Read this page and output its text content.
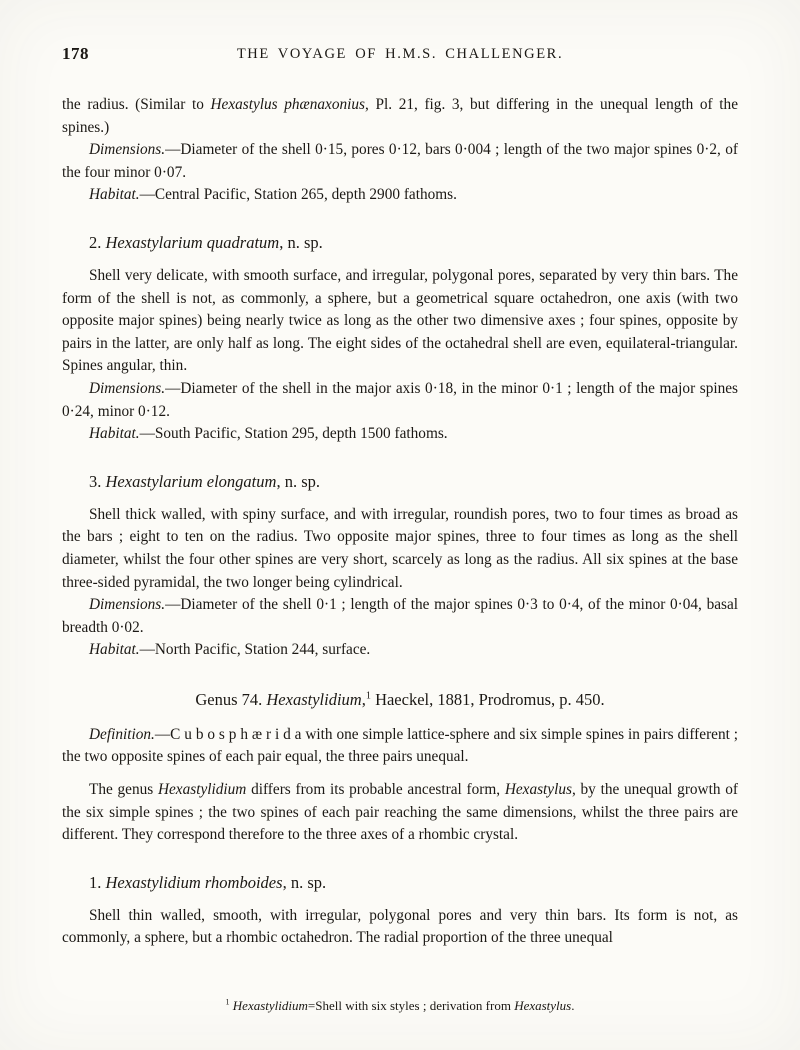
178	THE VOYAGE OF H.M.S. CHALLENGER.

the radius. (Similar to Hexastylus phænaxonius, Pl. 21, fig. 3, but differing in the unequal length of the spines.)

Dimensions.—Diameter of the shell 0·15, pores 0·12, bars 0·004 ; length of the two major spines 0·2, of the four minor 0·07.

Habitat.—Central Pacific, Station 265, depth 2900 fathoms.

2. Hexastylarium quadratum, n. sp.

Shell very delicate, with smooth surface, and irregular, polygonal pores, separated by very thin bars. The form of the shell is not, as commonly, a sphere, but a geometrical square octahedron, one axis (with two opposite major spines) being nearly twice as long as the other two dimensive axes ; four spines, opposite by pairs in the latter, are only half as long. The eight sides of the octahedral shell are even, equilateral-triangular. Spines angular, thin.

Dimensions.—Diameter of the shell in the major axis 0·18, in the minor 0·1 ; length of the major spines 0·24, minor 0·12.

Habitat.—South Pacific, Station 295, depth 1500 fathoms.

3. Hexastylarium elongatum, n. sp.

Shell thick walled, with spiny surface, and with irregular, roundish pores, two to four times as broad as the bars ; eight to ten on the radius. Two opposite major spines, three to four times as long as the shell diameter, whilst the four other spines are very short, scarcely as long as the radius. All six spines at the base three-sided pyramidal, the two longer being cylindrical.

Dimensions.—Diameter of the shell 0·1 ; length of the major spines 0·3 to 0·4, of the minor 0·04, basal breadth 0·02.

Habitat.—North Pacific, Station 244, surface.

Genus 74. Hexastylidium,$^1$ Haeckel, 1881, Prodromus, p. 450.

Definition.—C u b o s p h æ r i d a with one simple lattice-sphere and six simple spines in pairs different ; the two opposite spines of each pair equal, the three pairs unequal.

The genus Hexastylidium differs from its probable ancestral form, Hexastylus, by the unequal growth of the six simple spines ; the two spines of each pair reaching the same dimensions, whilst the three pairs are different. They correspond therefore to the three axes of a rhombic crystal.

1. Hexastylidium rhomboides, n. sp.

Shell thin walled, smooth, with irregular, polygonal pores and very thin bars. Its form is not, as commonly, a sphere, but a rhombic octahedron. The radial proportion of the three unequal

$^1$ Hexastylidium=Shell with six styles ; derivation from Hexastylus.
